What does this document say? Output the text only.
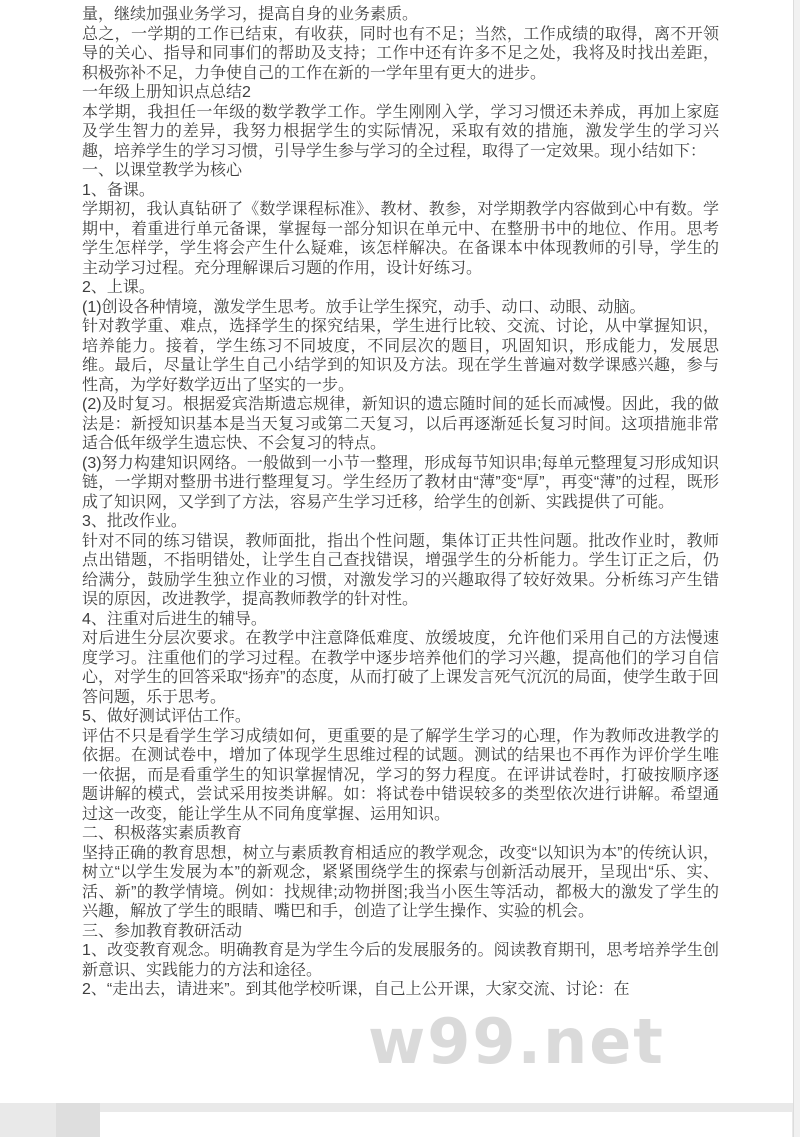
量，继续加强业务学习，提高自身的业务素质。

总之，一学期的工作已结束，有收获，同时也有不足；当然，工作成绩的取得，离不开领导的关心、指导和同事们的帮助及支持；工作中还有许多不足之处，我将及时找出差距，积极弥补不足，力争使自己的工作在新的一学年里有更大的进步。

一年级上册知识点总结2

本学期，我担任一年级的数学教学工作。学生刚刚入学，学习习惯还未养成，再加上家庭及学生智力的差异，我努力根据学生的实际情况，采取有效的措施，激发学生的学习兴趣，培养学生的学习习惯，引导学生参与学习的全过程，取得了一定效果。现小结如下：

一、以课堂教学为核心

1、备课。

学期初，我认真钻研了《数学课程标准》、教材、教参，对学期教学内容做到心中有数。学期中，着重进行单元备课，掌握每一部分知识在单元中、在整册书中的地位、作用。思考学生怎样学，学生将会产生什么疑难，该怎样解决。在备课本中体现教师的引导，学生的主动学习过程。充分理解课后习题的作用，设计好练习。

2、上课。

(1)创设各种情境，激发学生思考。放手让学生探究，动手、动口、动眼、动脑。

针对教学重、难点，选择学生的探究结果，学生进行比较、交流、讨论，从中掌握知识，培养能力。接着，学生练习不同坡度，不同层次的题目，巩固知识，形成能力，发展思维。最后，尽量让学生自己小结学到的知识及方法。现在学生普遍对数学课感兴趣，参与性高，为学好数学迈出了坚实的一步。

(2)及时复习。根据爱宾浩斯遗忘规律，新知识的遗忘随时间的延长而减慢。因此，我的做法是：新授知识基本是当天复习或第二天复习，以后再逐渐延长复习时间。这项措施非常适合低年级学生遗忘快、不会复习的特点。

(3)努力构建知识网络。一般做到一小节一整理，形成每节知识串;每单元整理复习形成知识链，一学期对整册书进行整理复习。学生经历了教材由“薄”变“厚”，再变“薄”的过程，既形成了知识网，又学到了方法，容易产生学习迁移，给学生的创新、实践提供了可能。

3、批改作业。

针对不同的练习错误，教师面批，指出个性问题，集体订正共性问题。批改作业时，教师点出错题，不指明错处，让学生自己查找错误，增强学生的分析能力。学生订正之后，仍给满分，鼓励学生独立作业的习惯，对激发学习的兴趣取得了较好效果。分析练习产生错误的原因，改进教学，提高教师教学的针对性。

4、注重对后进生的辅导。

对后进生分层次要求。在教学中注意降低难度、放缓坡度，允许他们采用自己的方法慢速度学习。注重他们的学习过程。在教学中逐步培养他们的学习兴趣，提高他们的学习自信心，对学生的回答采取“扬弃”的态度，从而打破了上课发言死气沉沉的局面，使学生敢于回答问题，乐于思考。

5、做好测试评估工作。

评估不只是看学生学习成绩如何，更重要的是了解学生学习的心理，作为教师改进教学的依据。在测试卷中，增加了体现学生思维过程的试题。测试的结果也不再作为评价学生唯一依据，而是看重学生的知识掌握情况，学习的努力程度。在评讲试卷时，打破按顺序逐题讲解的模式，尝试采用按类讲解。如：将试卷中错误较多的类型依次进行讲解。希望通过这一改变，能让学生从不同角度掌握、运用知识。

二、积极落实素质教育

坚持正确的教育思想，树立与素质教育相适应的教学观念，改变“以知识为本”的传统认识，树立“以学生发展为本”的新观念，紧紧围绕学生的探索与创新活动展开，呈现出“乐、实、活、新”的教学情境。例如：找规律;动物拼图;我当小医生等活动，都极大的激发了学生的兴趣，解放了学生的眼睛、嘴巴和手，创造了让学生操作、实验的机会。

三、参加教育教研活动

1、改变教育观念。明确教育是为学生今后的发展服务的。阅读教育期刊，思考培养学生创新意识、实践能力的方法和途径。

2、“走出去，请进来”。到其他学校听课，自己上公开课，大家交流、讨论：在

w99.net
